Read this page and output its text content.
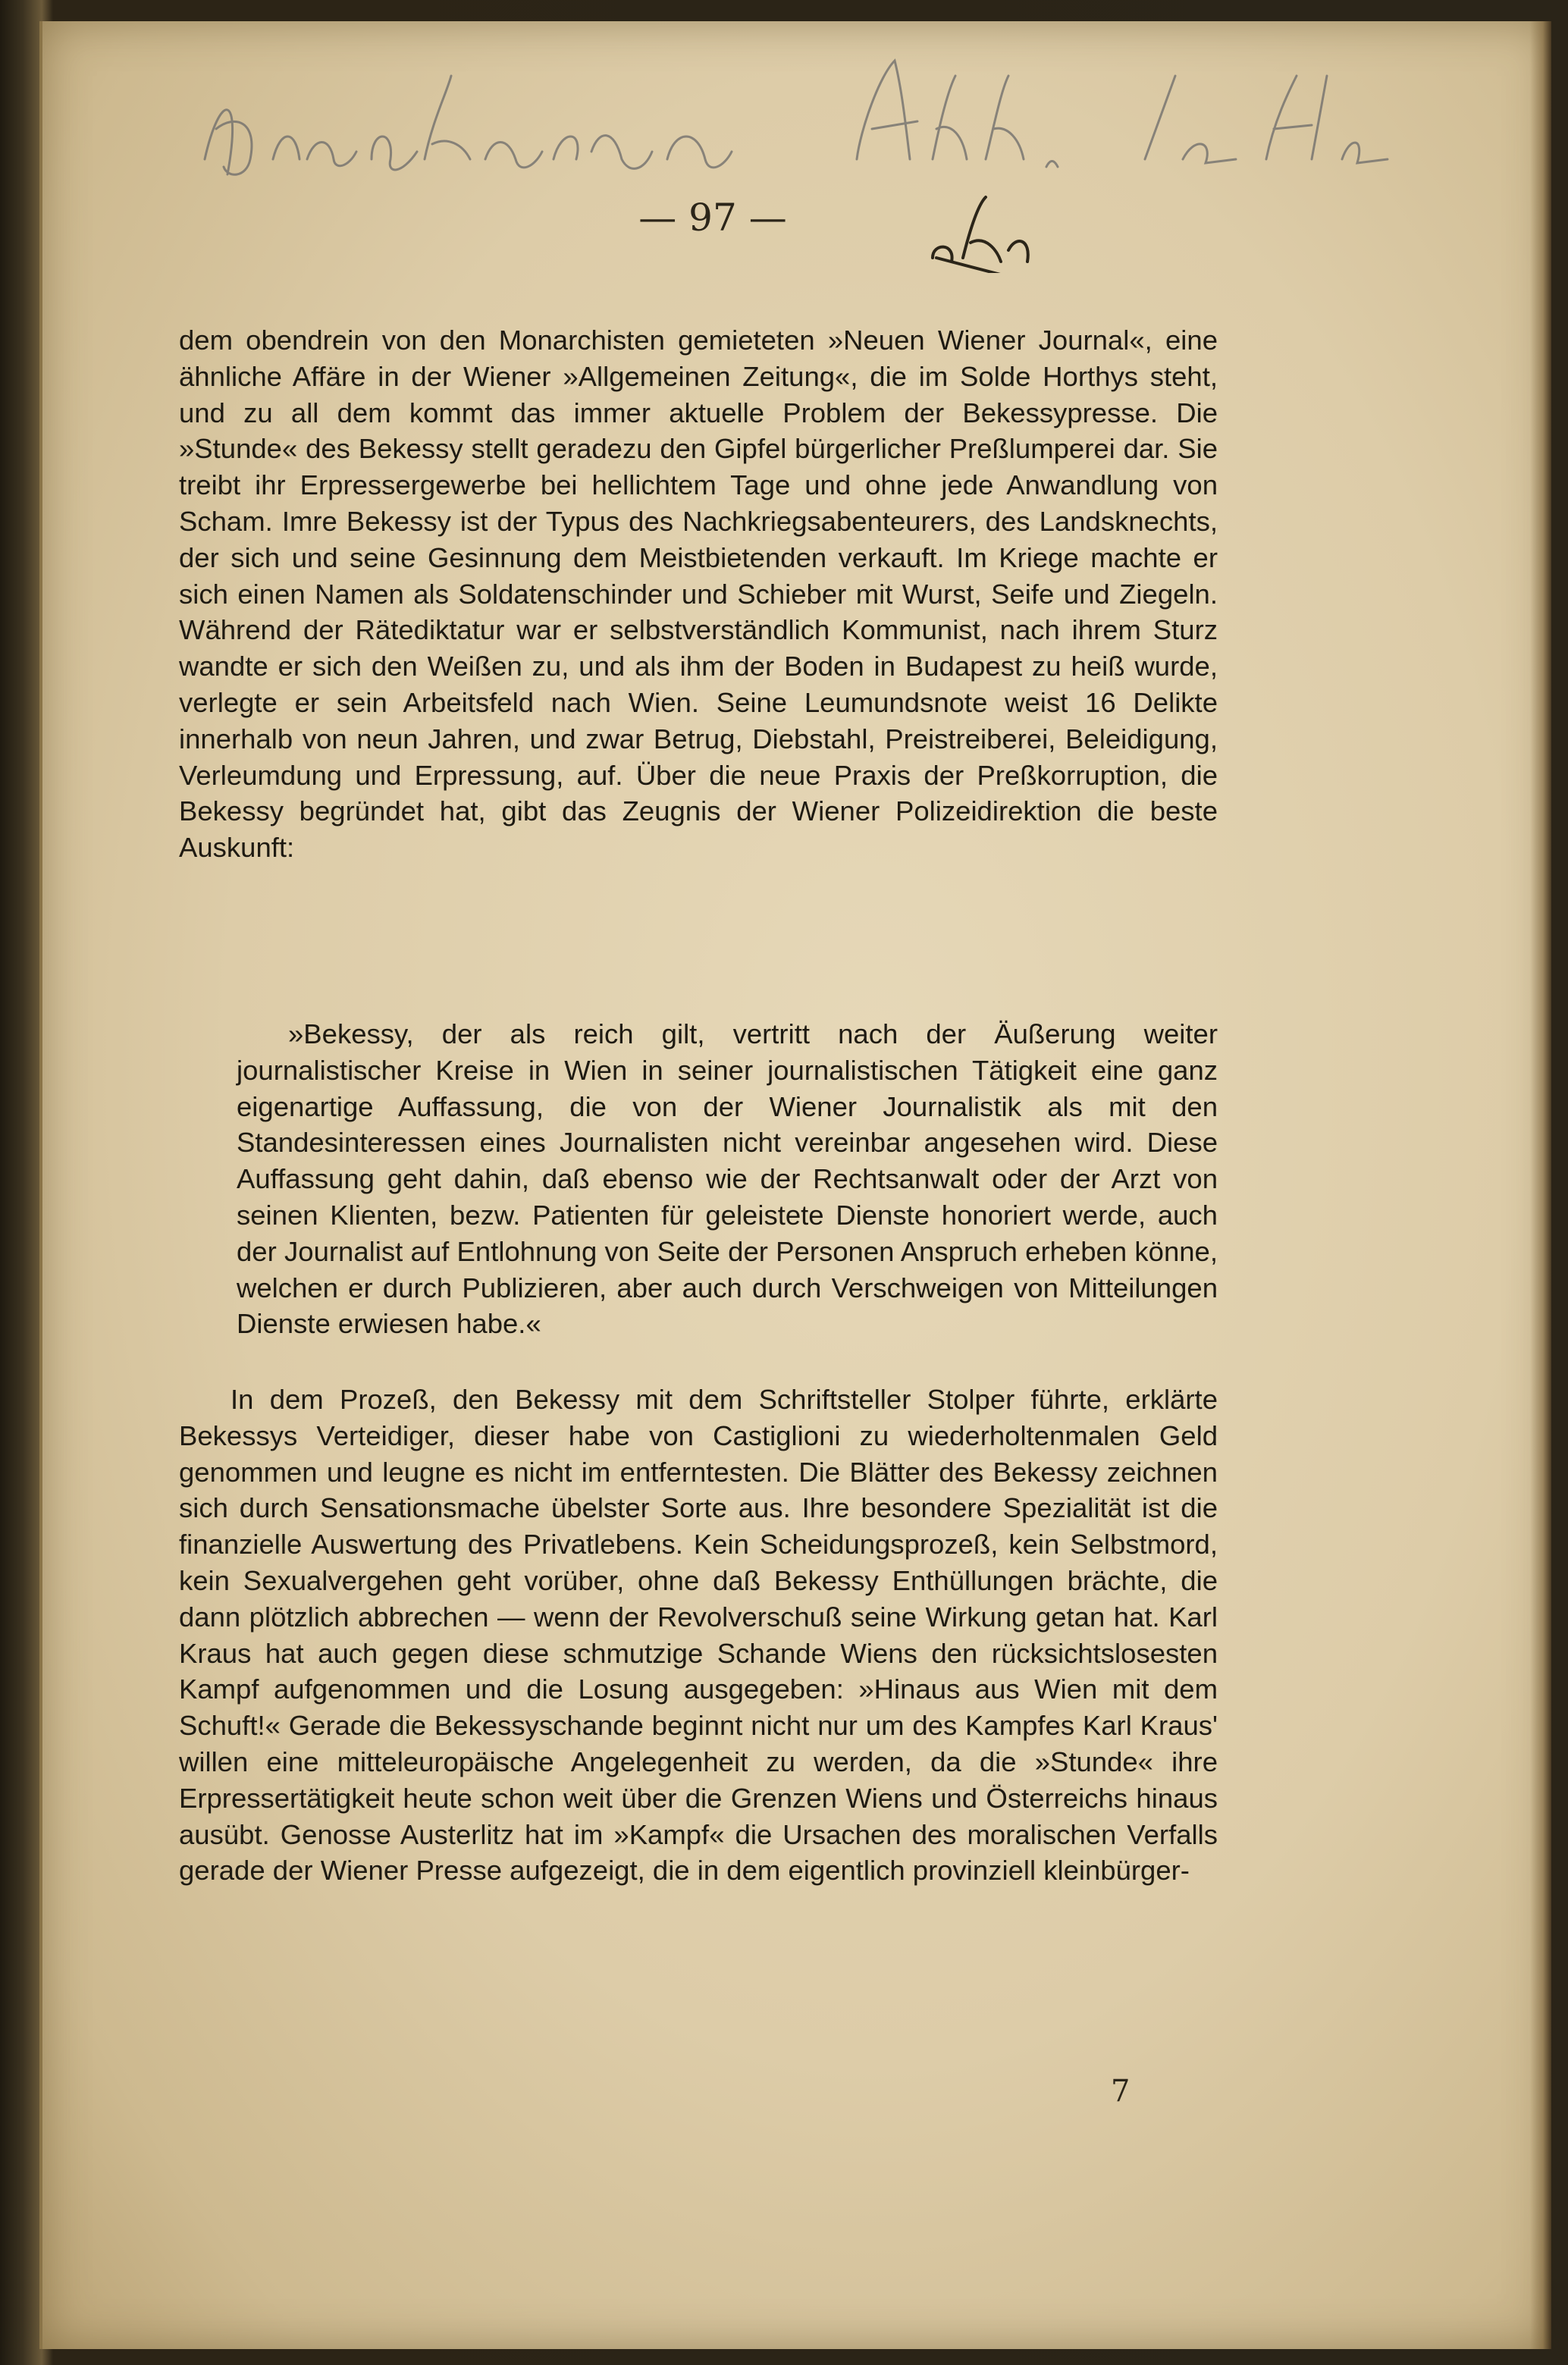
— 97 —

dem obendrein von den Monarchisten gemieteten »Neuen Wiener Journal«, eine ähnliche Affäre in der Wiener »Allgemeinen Zeitung«, die im Solde Horthys steht, und zu all dem kommt das immer aktuelle Problem der Bekessypresse. Die »Stunde« des Bekessy stellt geradezu den Gipfel bürgerlicher Preßlumperei dar. Sie treibt ihr Erpressergewerbe bei hellichtem Tage und ohne jede Anwandlung von Scham. Imre Bekessy ist der Typus des Nachkriegsabenteurers, des Landsknechts, der sich und seine Gesinnung dem Meistbietenden verkauft. Im Kriege machte er sich einen Namen als Soldatenschinder und Schieber mit Wurst, Seife und Ziegeln. Während der Rätediktatur war er selbstverständlich Kommunist, nach ihrem Sturz wandte er sich den Weißen zu, und als ihm der Boden in Budapest zu heiß wurde, verlegte er sein Arbeitsfeld nach Wien. Seine Leumundsnote weist 16 Delikte innerhalb von neun Jahren, und zwar Betrug, Diebstahl, Preistreiberei, Beleidigung, Verleumdung und Erpressung, auf. Über die neue Praxis der Preßkorruption, die Bekessy begründet hat, gibt das Zeugnis der Wiener Polizeidirektion die beste Auskunft:

»Bekessy, der als reich gilt, vertritt nach der Äußerung weiter journalistischer Kreise in Wien in seiner journalistischen Tätigkeit eine ganz eigenartige Auffassung, die von der Wiener Journalistik als mit den Standesinteressen eines Journalisten nicht vereinbar angesehen wird. Diese Auffassung geht dahin, daß ebenso wie der Rechtsanwalt oder der Arzt von seinen Klienten, bezw. Patienten für geleistete Dienste honoriert werde, auch der Journalist auf Entlohnung von Seite der Personen Anspruch erheben könne, welchen er durch Publizieren, aber auch durch Verschweigen von Mitteilungen Dienste erwiesen habe.«

In dem Prozeß, den Bekessy mit dem Schriftsteller Stolper führte, erklärte Bekessys Verteidiger, dieser habe von Castiglioni zu wiederholtenmalen Geld genommen und leugne es nicht im entferntesten. Die Blätter des Bekessy zeichnen sich durch Sensationsmache übelster Sorte aus. Ihre besondere Spezialität ist die finanzielle Auswertung des Privatlebens. Kein Scheidungsprozeß, kein Selbstmord, kein Sexualvergehen geht vorüber, ohne daß Bekessy Enthüllungen brächte, die dann plötzlich abbrechen — wenn der Revolverschuß seine Wirkung getan hat. Karl Kraus hat auch gegen diese schmutzige Schande Wiens den rücksichtslosesten Kampf aufgenommen und die Losung ausgegeben: »Hinaus aus Wien mit dem Schuft!« Gerade die Bekessyschande beginnt nicht nur um des Kampfes Karl Kraus' willen eine mitteleuropäische Angelegenheit zu werden, da die »Stunde« ihre Erpressertätigkeit heute schon weit über die Grenzen Wiens und Österreichs hinaus ausübt. Genosse Austerlitz hat im »Kampf« die Ursachen des moralischen Verfalls gerade der Wiener Presse aufgezeigt, die in dem eigentlich provinziell kleinbürger-

7
